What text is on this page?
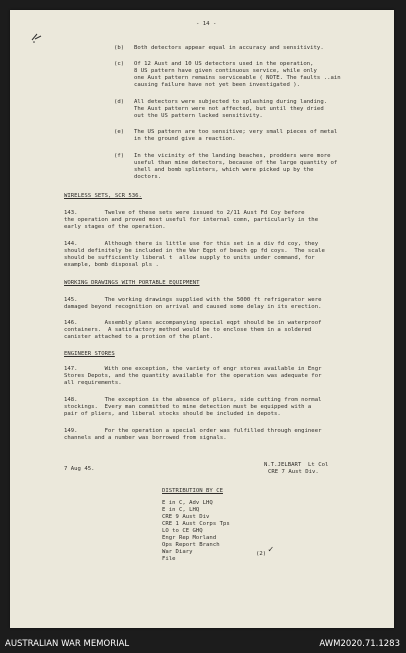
- 14 -
(b) Both detectors appear equal in accuracy and sensitivity.
(c) Of 12 Aust and 10 US detectors used in the operation,
8 US pattern have given continuous service, while only
one Aust pattern remains serviceable ( NOTE. The faults ..ain
causing failure have not yet been investigated ).
(d) All detectors were subjected to splashing during landing.
The Aust pattern were not affected, but until they dried
out the US pattern lacked sensitivity.
(e) The US pattern are too sensitive; very small pieces of metal
in the ground give a reaction.
(f) In the vicinity of the landing beaches, prodders were more
useful than mine detectors, because of the large quantity of
shell and bomb splinters, which were picked up by the
doctors.
WIRELESS SETS, SCR 536.
143.        Twelve of these sets were issued to 2/11 Aust Fd Coy before
the operation and proved most useful for internal comn, particularly in the
early stages of the operation.
144.        Although there is little use for this set in a div fd coy, they
should definitely be included in the War Eqpt of beach gp fd coys.  The scale
should be sufficiently liberal t  allow supply to units under command, for
example, bomb disposal pls .
WORKING DRAWINGS WITH PORTABLE EQUIPMENT
145.        The working drawings supplied with the 5000 ft refrigerator were
damaged beyond recognition on arrival and caused some delay in its erection.
146.        Assembly plans accompanying special eqpt should be in waterproof
containers.  A satisfactory method would be to enclose them in a soldered
canister attached to a protion of the plant.
ENGINEER STORES
147.        With one exception, the variety of engr stores available in Engr
Stores Depots, and the quantity available for the operation was adequate for
all requirements.
148.        The exception is the absence of pliers, side cutting from normal
stockings.  Every man committed to mine detection must be equipped with a
pair of pliers, and liberal stocks should be included in depots.
149.        For the operation a special order was fulfilled through engineer
channels and a number was borrowed from signals.
7 Aug 45.
N.T.JELBART  Lt Col
CRE 7 Aust Div.
DISTRIBUTION BY CE
E in C, Adv LHQ
E in C, LHQ
CRE 9 Aust Div
CRE 1 Aust Corps Tps
LO to CE GHQ
Engr Rep Morland
Ops Report Branch
War Diary
File
(2) ✓
AUSTRALIAN WAR MEMORIAL	AWM2020.71.1283
